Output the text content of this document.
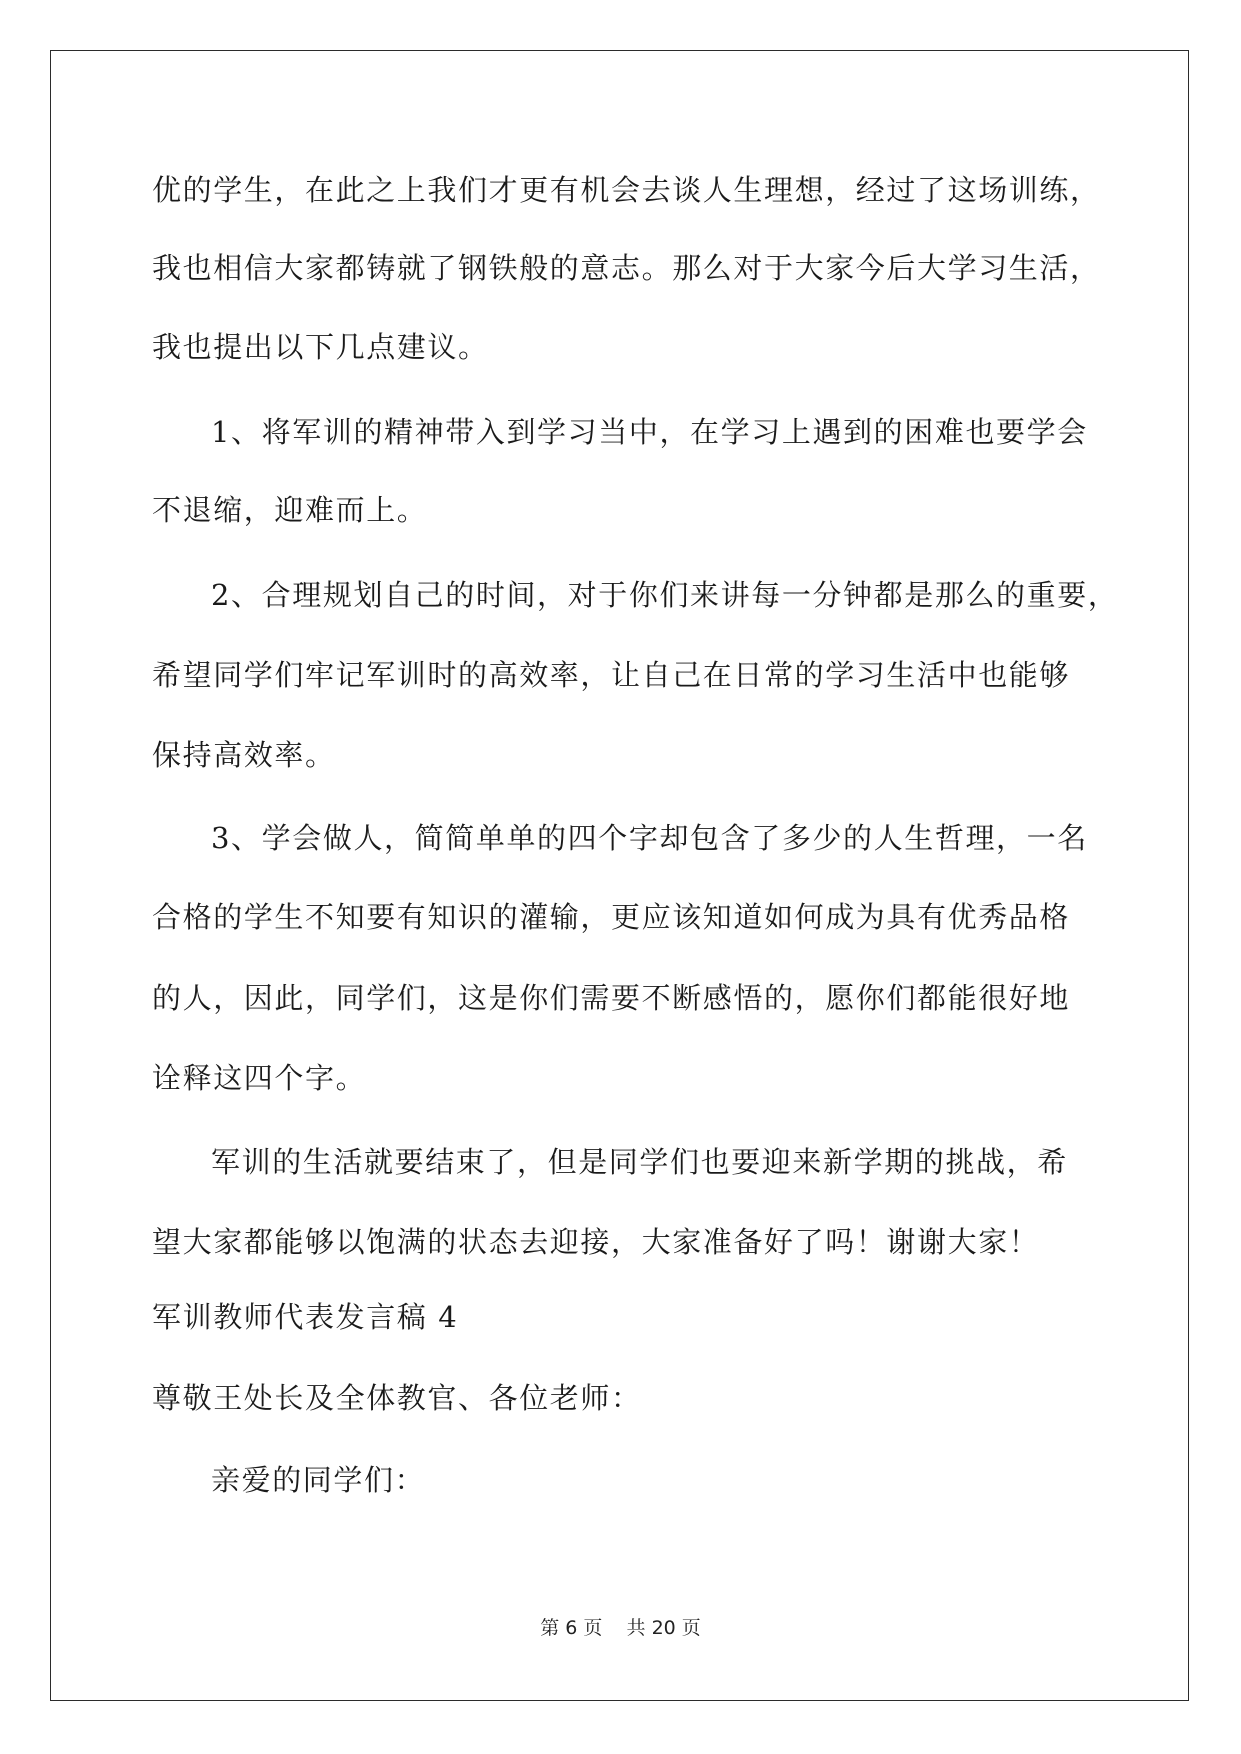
优的学生，在此之上我们才更有机会去谈人生理想，经过了这场训练，
我也相信大家都铸就了钢铁般的意志。那么对于大家今后大学习生活，
我也提出以下几点建议。
1、将军训的精神带入到学习当中，在学习上遇到的困难也要学会
不退缩，迎难而上。
2、合理规划自己的时间，对于你们来讲每一分钟都是那么的重要，
希望同学们牢记军训时的高效率，让自己在日常的学习生活中也能够
保持高效率。
3、学会做人，简简单单的四个字却包含了多少的人生哲理，一名
合格的学生不知要有知识的灌输，更应该知道如何成为具有优秀品格
的人，因此，同学们，这是你们需要不断感悟的，愿你们都能很好地
诠释这四个字。
军训的生活就要结束了，但是同学们也要迎来新学期的挑战，希
望大家都能够以饱满的状态去迎接，大家准备好了吗！谢谢大家！
军训教师代表发言稿 4
尊敬王处长及全体教官、各位老师：
亲爱的同学们：
第 6 页 共 20 页
